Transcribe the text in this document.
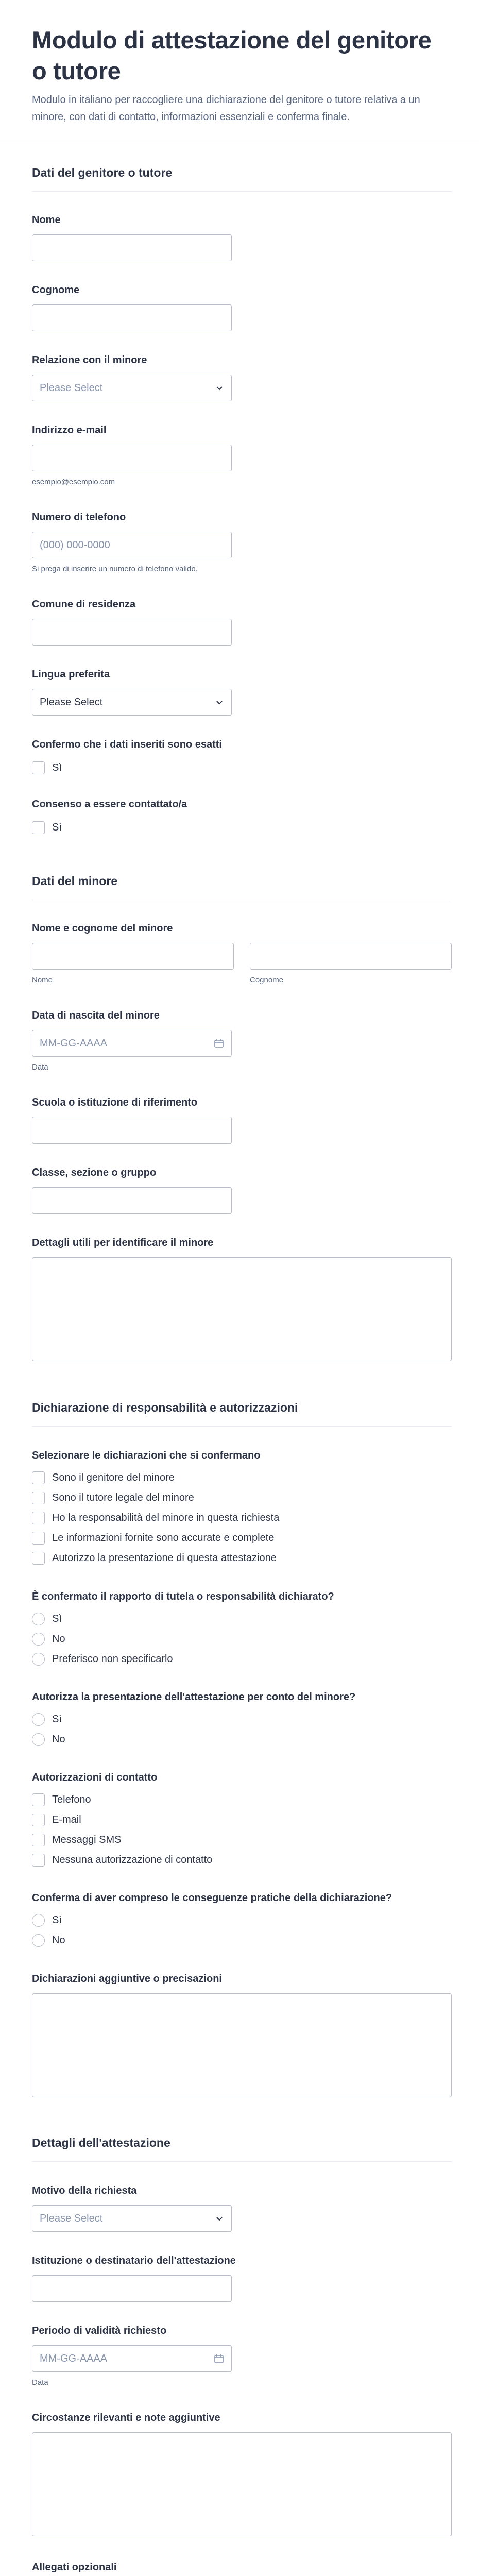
Modulo di attestazione del genitore o tutore

Modulo in italiano per raccogliere una dichiarazione del genitore o tutore relativa a un minore, con dati di contatto, informazioni essenziali e conferma finale.

Dati del genitore o tutore
Nome
Cognome
Relazione con il minore
Please Select
Indirizzo e-mail
esempio@esempio.com
Numero di telefono
(000) 000-0000
Si prega di inserire un numero di telefono valido.
Comune di residenza
Lingua preferita
Please Select
Confermo che i dati inseriti sono esatti
Sì
Consenso a essere contattato/a
Sì
Dati del minore
Nome e cognome del minore
Nome	Cognome
Data di nascita del minore
MM-GG-AAAA
Data
Scuola o istituzione di riferimento
Classe, sezione o gruppo
Dettagli utili per identificare il minore
Dichiarazione di responsabilità e autorizzazioni
Selezionare le dichiarazioni che si confermano
Sono il genitore del minore
Sono il tutore legale del minore
Ho la responsabilità del minore in questa richiesta
Le informazioni fornite sono accurate e complete
Autorizzo la presentazione di questa attestazione
È confermato il rapporto di tutela o responsabilità dichiarato?
Sì
No
Preferisco non specificarlo
Autorizza la presentazione dell'attestazione per conto del minore?
Sì
No
Autorizzazioni di contatto
Telefono
E-mail
Messaggi SMS
Nessuna autorizzazione di contatto
Conferma di aver compreso le conseguenze pratiche della dichiarazione?
Sì
No
Dichiarazioni aggiuntive o precisazioni
Dettagli dell'attestazione
Motivo della richiesta
Please Select
Istituzione o destinatario dell'attestazione
Periodo di validità richiesto
MM-GG-AAAA
Data
Circostanze rilevanti e note aggiuntive
Allegati opzionali
